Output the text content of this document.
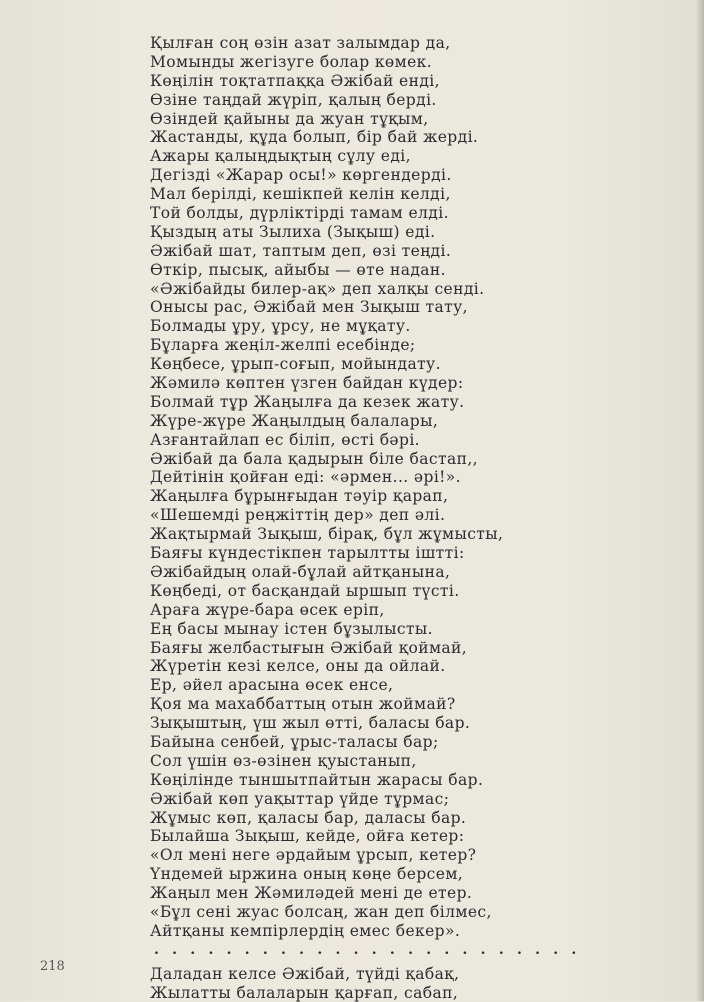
Қылған соң өзін азат залымдар да,
Момынды жегізуге болар көмек.
Көңілін тоқтатпаққа Әжібай енді,
Өзіне таңдай жүріп, қалың берді.
Өзіндей қайыны да жуан тұқым,
Жастанды, құда болып, бір бай жерді.
Ажары қалыңдықтың сұлу еді,
Дегізді «Жарар осы!» көргендерді.
Мал берілді, кешікпей келін келді,
Той болды, дүрліктірді тамам елді.
Қыздың аты Зылиха (Зықыш) еді.
Әжібай шат, таптым деп, өзі теңді.
Өткір, пысық, айыбы — өте надан.
«Әжібайды билер-ақ» деп халқы сенді.
Онысы рас, Әжібай мен Зықыш тату,
Болмады ұру, ұрсу, не мұқату.
Бұларға жеңіл-желпі есебінде;
Көңбесе, ұрып-соғып, мойындату.
Жәмилә көптен үзген байдан күдер:
Болмай тұр Жаңылға да кезек жату.
Жүре-жүре Жаңылдың балалары,
Азғантайлап ес біліп, өсті бәрі.
Әжібай да бала қадырын біле бастап,,
Дейтінін қойған еді: «әрмен... әрі!».
Жаңылға бұрынғыдан тәуір қарап,
«Шешемді реңжіттің дер» деп әлі.
Жақтырмай Зықыш, бірақ, бұл жұмысты,
Баяғы күндестікпен тарылтты іштті:
Әжібайдың олай-бұлай айтқанына,
Көңбеді, от басқандай ыршып түсті.
Араға жүре-бара өсек еріп,
Ең басы мынау істен бұзылысты.
Баяғы желбастығын Әжібай қоймай,
Жүретін кезі келсе, оны да ойлай.
Ер, әйел арасына өсек енсе,
Қоя ма махаббаттың отын жоймай?
Зықыштың, үш жыл өтті, баласы бар.
Байына сенбей, ұрыс-таласы бар;
Сол үшін өз-өзінен қуыстанып,
Көңілінде тыншытпайтын жарасы бар.
Әжібай көп уақыттар үйде тұрмас;
Жұмыс көп, қаласы бар, даласы бар.
Былайша Зықыш, кейде, ойға кетер:
«Ол мені неге әрдайым ұрсып, кетер?
Үндемей ыржина оның көңе берсем,
Жаңыл мен Жәмиләдей мені де етер.
«Бұл сені жуас болсаң, жан деп білмес,
Айтқаны кемпірлердің емес бекер».
. . . . . . . . . . . . . . . . . . . . . . . .
Даладан келсе Әжібай, түйді қабақ,
Жылатты балаларын қарғап, сабап,
218
